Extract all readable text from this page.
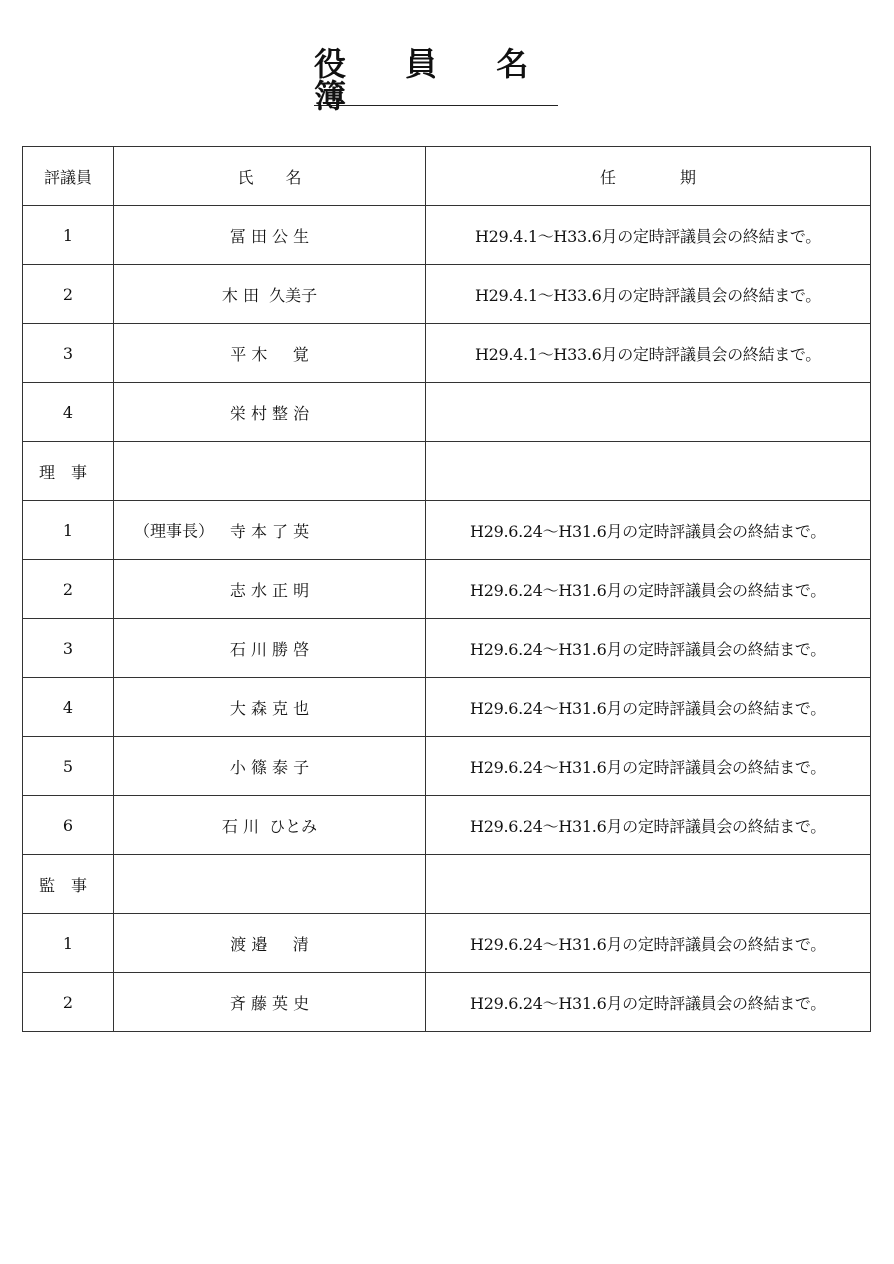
役 員 名 簿
評議員	氏　　名	任　　　　期
1	冨 田 公 生	H29.4.1～H33.6月の定時評議員会の終結まで。
2	木 田  久美子	H29.4.1～H33.6月の定時評議員会の終結まで。
3	平 木     覚	H29.4.1～H33.6月の定時評議員会の終結まで。
4	栄 村 整 治	

理　事		
1	（理事長） 寺 本 了 英	H29.6.24～H31.6月の定時評議員会の終結まで。
2	志 水 正 明	H29.6.24～H31.6月の定時評議員会の終結まで。
3	石 川 勝 啓	H29.6.24～H31.6月の定時評議員会の終結まで。
4	大 森 克 也	H29.6.24～H31.6月の定時評議員会の終結まで。
5	小 篠 泰 子	H29.6.24～H31.6月の定時評議員会の終結まで。
6	石 川  ひとみ	H29.6.24～H31.6月の定時評議員会の終結まで。
監　事		
1	渡 邉     清	H29.6.24～H31.6月の定時評議員会の終結まで。
2	斉 藤 英 史	H29.6.24～H31.6月の定時評議員会の終結まで。
